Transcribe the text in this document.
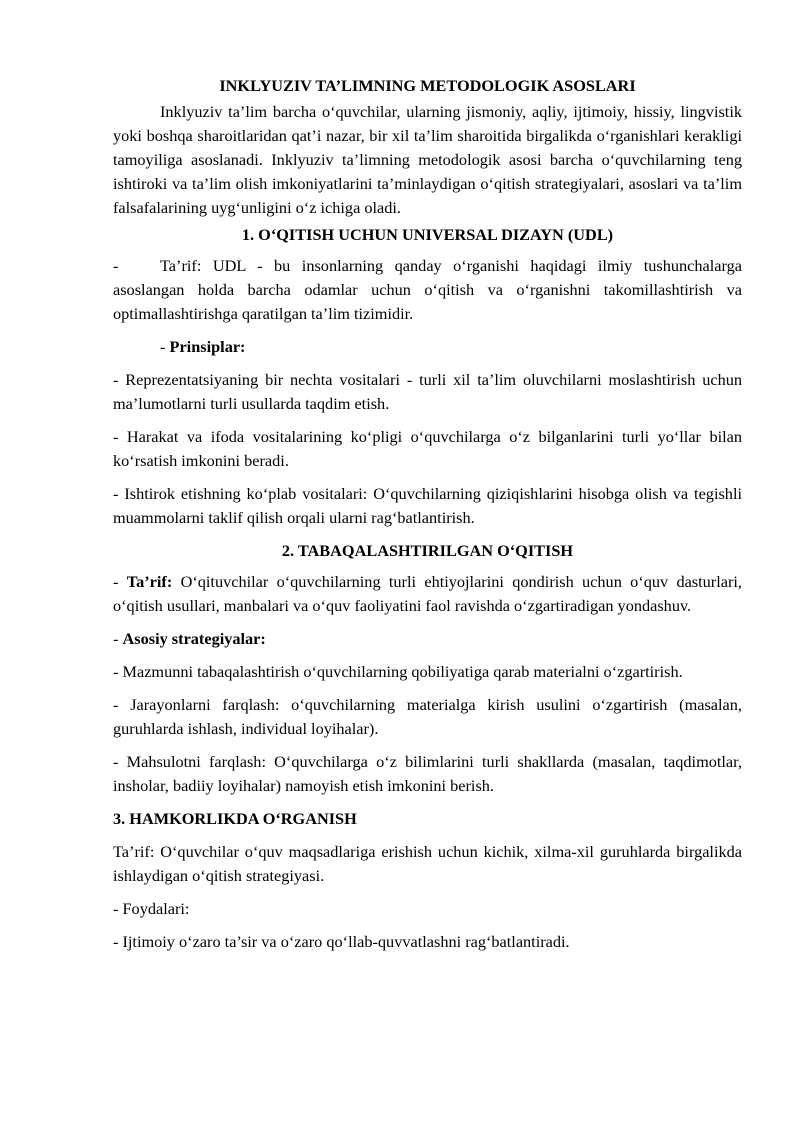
INKLYUZIV TA’LIMNING METODOLOGIK ASOSLARI

Inklyuziv ta’lim barcha o‘quvchilar, ularning jismoniy, aqliy, ijtimoiy, hissiy, lingvistik yoki boshqa sharoitlaridan qat’i nazar, bir xil ta’lim sharoitida birgalikda o‘rganishlari kerakligi tamoyiliga asoslanadi. Inklyuziv ta’limning metodologik asosi barcha o‘quvchilarning teng ishtiroki va ta’lim olish imkoniyatlarini ta’minlaydigan o‘qitish strategiyalari, asoslari va ta’lim falsafalarining uyg‘unligini o‘z ichiga oladi.

1. O‘QITISH UCHUN UNIVERSAL DIZAYN (UDL)

-	Ta’rif: UDL - bu insonlarning qanday o‘rganishi haqidagi ilmiy tushunchalarga asoslangan holda barcha odamlar uchun o‘qitish va o‘rganishni takomillashtirish va optimallashtirishga qaratilgan ta’lim tizimidir.

- Prinsiplar:

- Reprezentatsiyaning bir nechta vositalari - turli xil ta’lim oluvchilarni moslashtirish uchun ma’lumotlarni turli usullarda taqdim etish.

- Harakat va ifoda vositalarining ko‘pligi o‘quvchilarga o‘z bilganlarini turli yo‘llar bilan ko‘rsatish imkonini beradi.

- Ishtirok etishning ko‘plab vositalari: O‘quvchilarning qiziqishlarini hisobga olish va tegishli muammolarni taklif qilish orqali ularni rag‘batlantirish.

2. TABAQALASHTIRILGAN O‘QITISH

- Ta’rif: O‘qituvchilar o‘quvchilarning turli ehtiyojlarini qondirish uchun o‘quv dasturlari, o‘qitish usullari, manbalari va o‘quv faoliyatini faol ravishda o‘zgartiradigan yondashuv.

- Asosiy strategiyalar:

- Mazmunni tabaqalashtirish o‘quvchilarning qobiliyatiga qarab materialni o‘zgartirish.

- Jarayonlarni farqlash: o‘quvchilarning materialga kirish usulini o‘zgartirish (masalan, guruhlarda ishlash, individual loyihalar).

- Mahsulotni farqlash: O‘quvchilarga o‘z bilimlarini turli shakllarda (masalan, taqdimotlar, insholar, badiiy loyihalar) namoyish etish imkonini berish.

3. HAMKORLIKDA O‘RGANISH

Ta’rif: O‘quvchilar o‘quv maqsadlariga erishish uchun kichik, xilma-xil guruhlarda birgalikda ishlaydigan o‘qitish strategiyasi.

- Foydalari:

- Ijtimoiy o‘zaro ta’sir va o‘zaro qo‘llab-quvvatlashni rag‘batlantiradi.
